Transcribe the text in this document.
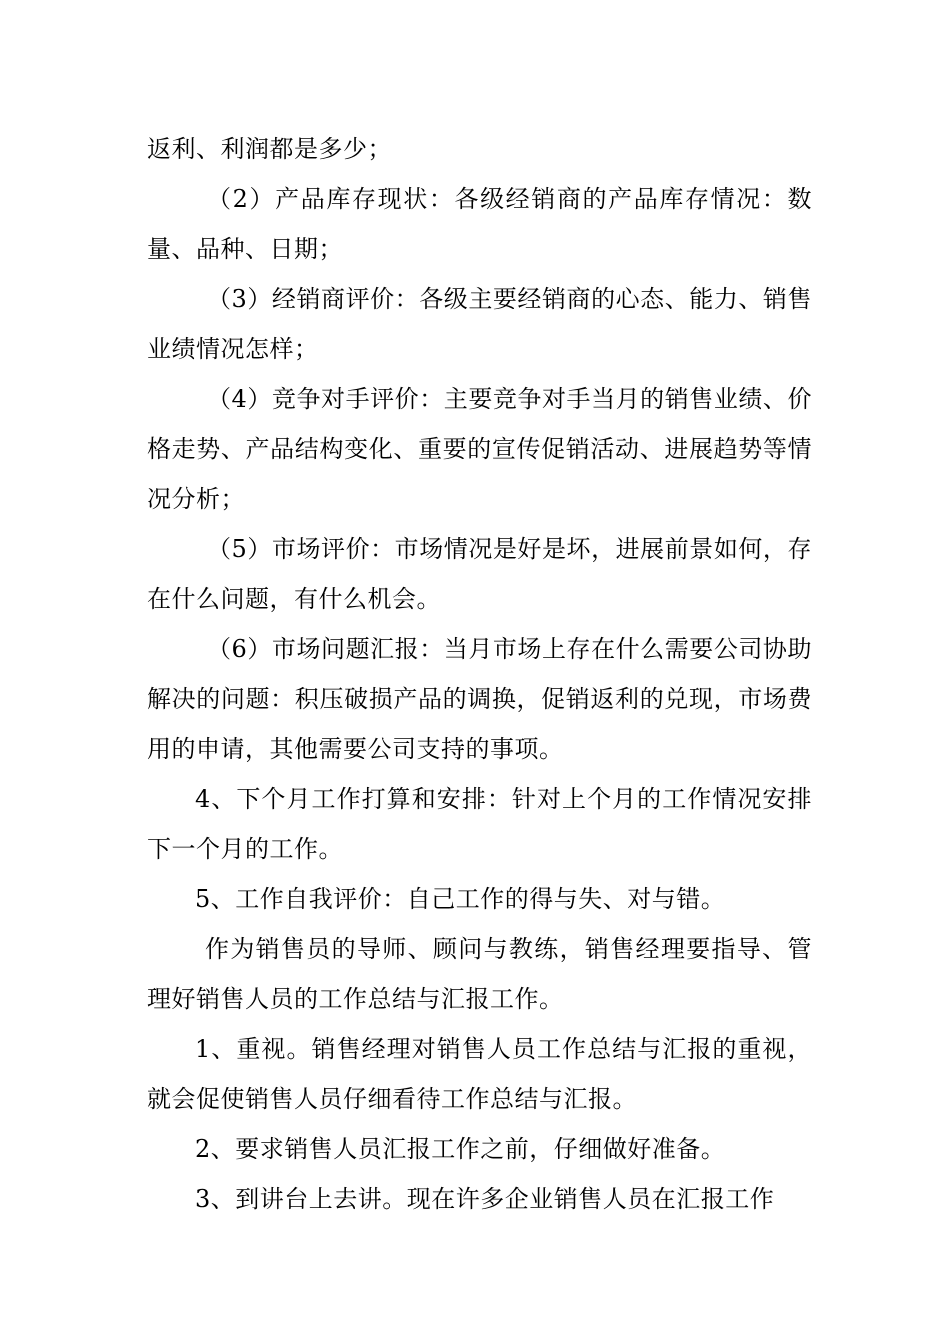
返利、利润都是多少；

（2）产品库存现状：各级经销商的产品库存情况：数量、品种、日期；

（3）经销商评价：各级主要经销商的心态、能力、销售业绩情况怎样；

（4）竞争对手评价：主要竞争对手当月的销售业绩、价格走势、产品结构变化、重要的宣传促销活动、进展趋势等情况分析；

（5）市场评价：市场情况是好是坏，进展前景如何，存在什么问题，有什么机会。

（6）市场问题汇报：当月市场上存在什么需要公司协助解决的问题：积压破损产品的调换，促销返利的兑现，市场费用的申请，其他需要公司支持的事项。

4、下个月工作打算和安排：针对上个月的工作情况安排下一个月的工作。

5、工作自我评价：自己工作的得与失、对与错。

作为销售员的导师、顾问与教练，销售经理要指导、管理好销售人员的工作总结与汇报工作。

1、重视。销售经理对销售人员工作总结与汇报的重视，就会促使销售人员仔细看待工作总结与汇报。

2、要求销售人员汇报工作之前，仔细做好准备。

3、到讲台上去讲。现在许多企业销售人员在汇报工作
